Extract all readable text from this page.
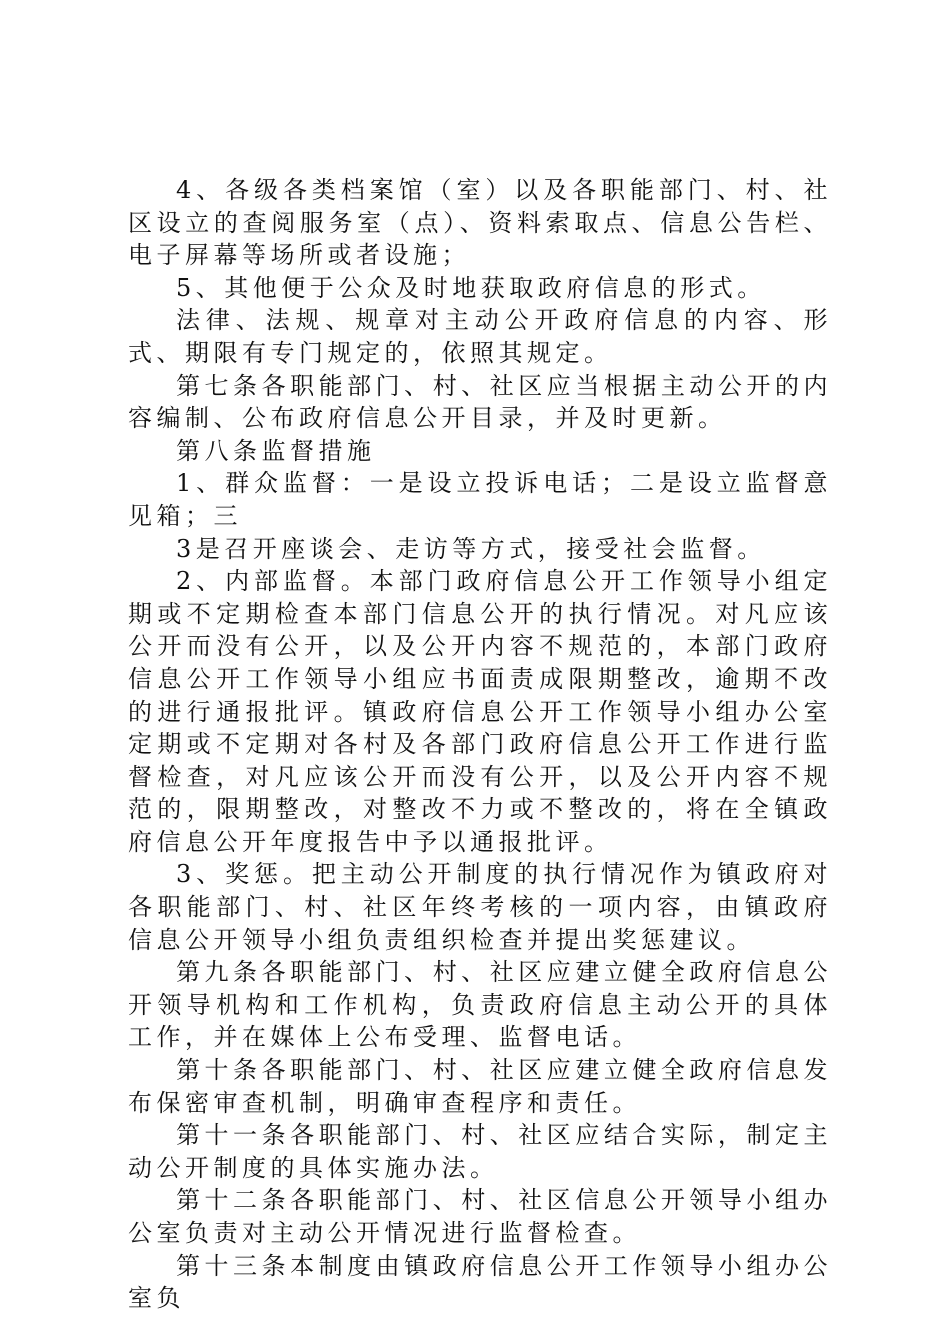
4、各级各类档案馆（室）以及各职能部门、村、社区设立的查阅服务室（点）、资料索取点、信息公告栏、电子屏幕等场所或者设施；

5、其他便于公众及时地获取政府信息的形式。

法律、法规、规章对主动公开政府信息的内容、形式、期限有专门规定的，依照其规定。

第七条各职能部门、村、社区应当根据主动公开的内容编制、公布政府信息公开目录，并及时更新。

第八条监督措施

1、群众监督：一是设立投诉电话；二是设立监督意见箱；三

3是召开座谈会、走访等方式，接受社会监督。

2、内部监督。本部门政府信息公开工作领导小组定期或不定期检查本部门信息公开的执行情况。对凡应该公开而没有公开，以及公开内容不规范的，本部门政府信息公开工作领导小组应书面责成限期整改，逾期不改的进行通报批评。镇政府信息公开工作领导小组办公室定期或不定期对各村及各部门政府信息公开工作进行监督检查，对凡应该公开而没有公开，以及公开内容不规范的，限期整改，对整改不力或不整改的，将在全镇政府信息公开年度报告中予以通报批评。

3、奖惩。把主动公开制度的执行情况作为镇政府对各职能部门、村、社区年终考核的一项内容，由镇政府信息公开领导小组负责组织检查并提出奖惩建议。

第九条各职能部门、村、社区应建立健全政府信息公开领导机构和工作机构，负责政府信息主动公开的具体工作，并在媒体上公布受理、监督电话。

第十条各职能部门、村、社区应建立健全政府信息发布保密审查机制，明确审查程序和责任。

第十一条各职能部门、村、社区应结合实际，制定主动公开制度的具体实施办法。

第十二条各职能部门、村、社区信息公开领导小组办公室负责对主动公开情况进行监督检查。

第十三条本制度由镇政府信息公开工作领导小组办公室负
